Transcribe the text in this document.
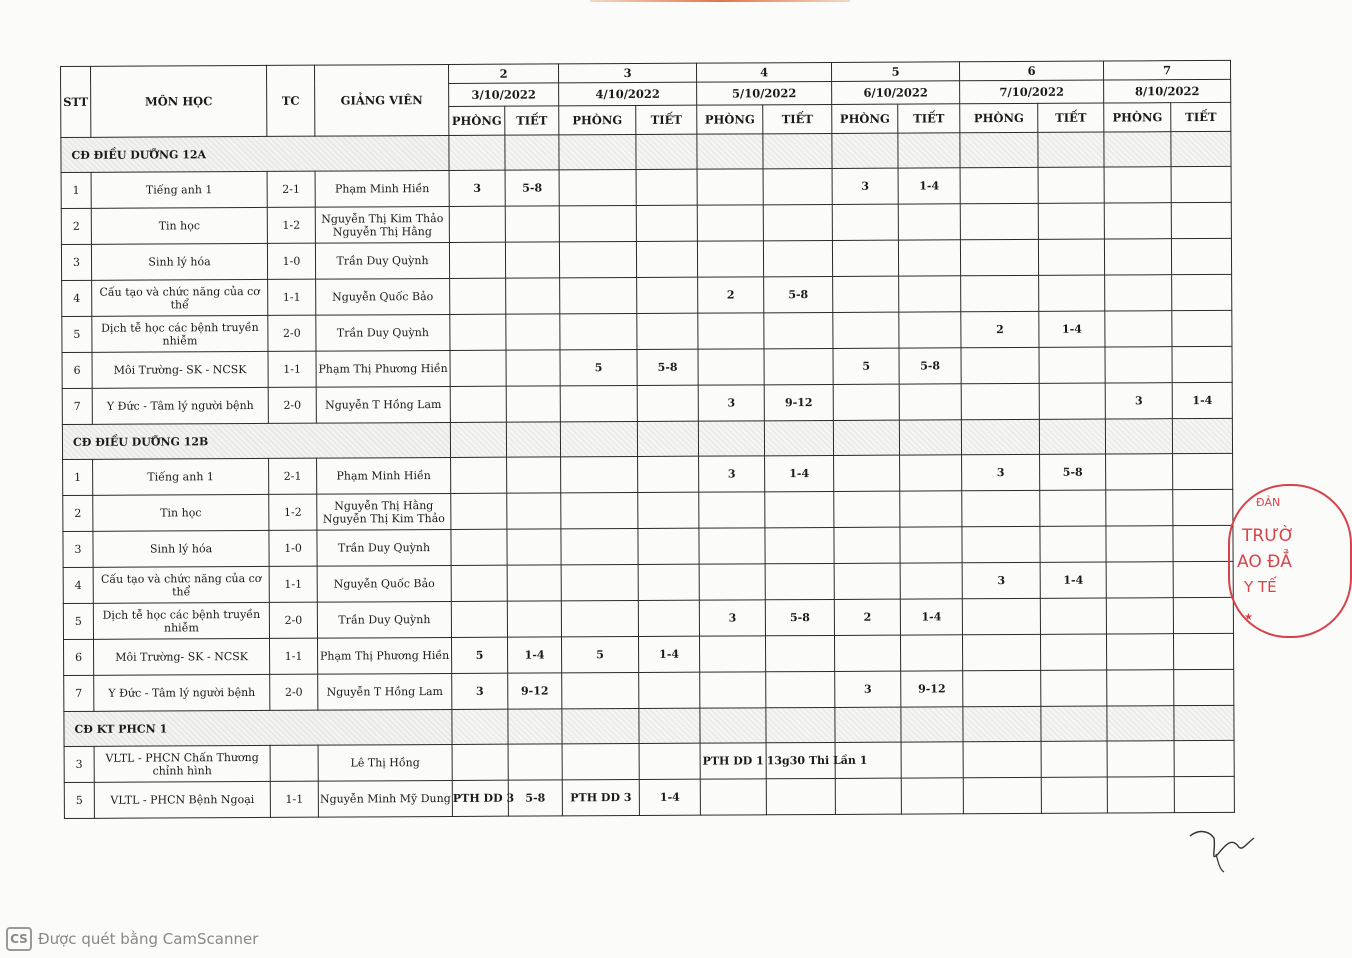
STT	MÔN HỌC	TC	GIẢNG VIÊN	2		3		4		5		6		7	
				3/10/2022		4/10/2022		5/10/2022		6/10/2022		7/10/2022		8/10/2022	
				PHÒNG	TIẾT	PHÒNG	TIẾT	PHÒNG	TIẾT	PHÒNG	TIẾT	PHÒNG	TIẾT	PHÒNG	TIẾT
CĐ ĐIỀU DƯỠNG 12A															
1	Tiếng anh 1	2-1	Phạm Minh Hiền	3	5-8					3	1-4				
2	Tin học	1-2	Nguyễn Thị Kim Thảo Nguyễn Thị Hằng												
3	Sinh lý hóa	1-0	Trần Duy Quỳnh												
4	Cấu tạo và chức năng của cơ thể	1-1	Nguyễn Quốc Bảo					2	5-8						
5	Dịch tễ học các bệnh truyền nhiễm	2-0	Trần Duy Quỳnh									2	1-4		
6	Môi Trường- SK - NCSK	1-1	Phạm Thị Phương Hiền			5	5-8			5	5-8				
7	Y Đức - Tâm lý người bệnh	2-0	Nguyễn T Hồng Lam					3	9-12					3	1-4
CĐ ĐIỀU DƯỠNG 12B															
1	Tiếng anh 1	2-1	Phạm Minh Hiền					3	1-4			3	5-8		
2	Tin học	1-2	Nguyễn Thị Hằng Nguyễn Thị Kim Thảo												
3	Sinh lý hóa	1-0	Trần Duy Quỳnh												
4	Cấu tạo và chức năng của cơ thể	1-1	Nguyễn Quốc Bảo									3	1-4		
5	Dịch tễ học các bệnh truyền nhiễm	2-0	Trần Duy Quỳnh					3	5-8	2	1-4				
6	Môi Trường- SK - NCSK	1-1	Phạm Thị Phương Hiền	5	1-4	5	1-4								
7	Y Đức - Tâm lý người bệnh	2-0	Nguyễn T Hồng Lam	3	9-12					3	9-12				
CĐ KT PHCN 1															
3	VLTL - PHCN Chấn Thương chỉnh hình		Lê Thị Hồng					PTH DD 1	13g30 Thi Lần 1						
5	VLTL - PHCN Bệnh Ngoại	1-1	Nguyễn Minh Mỹ Dung	PTH DD 3	5-8	PTH DD 3	1-4								
ĐẢN
TRƯỜ
AO ĐẲ
Y TẾ
★
CS Được quét bằng CamScanner
